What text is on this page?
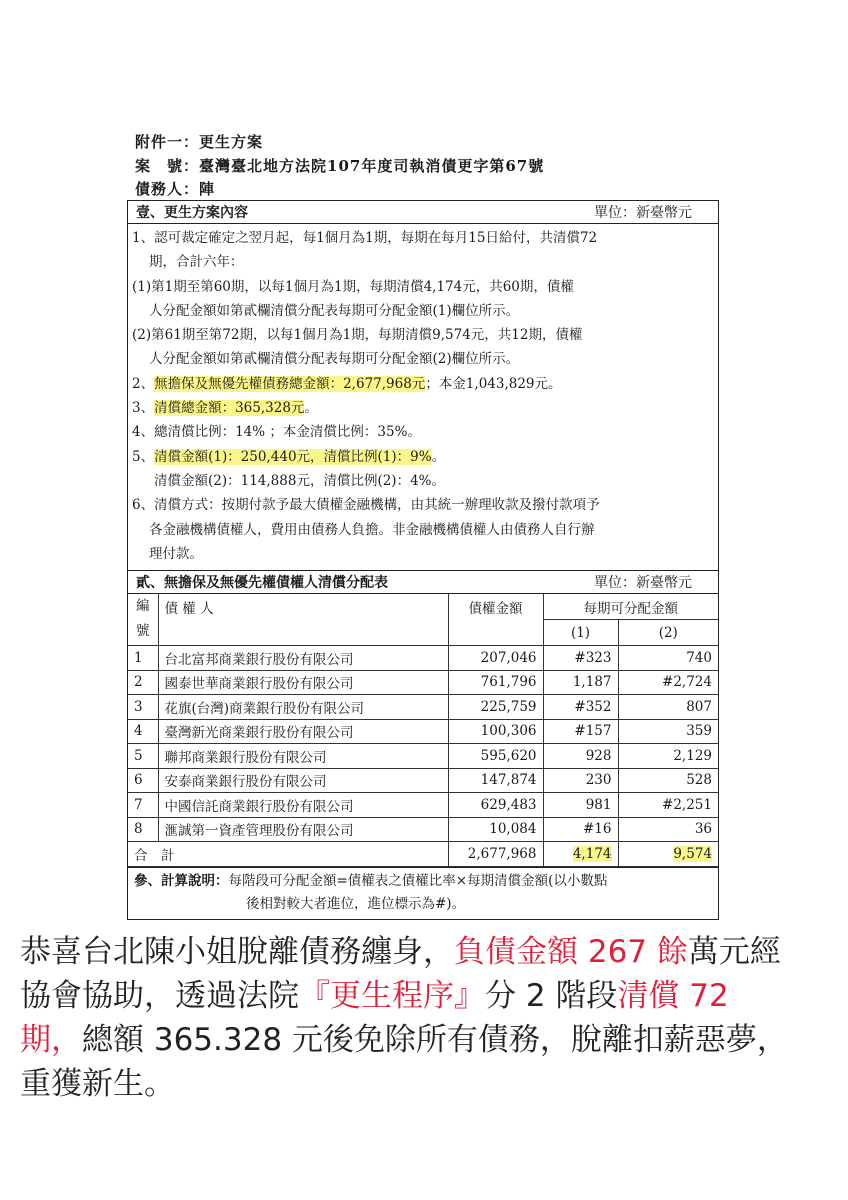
附件一：更生方案
案　號：臺灣臺北地方法院107年度司執消債更字第67號
債務人：陣
壹、更生方案內容	單位：新臺幣元
1、認可裁定確定之翌月起，每1個月為1期，每期在每月15日給付，共清償72
期，合計六年：
(1)第1期至第60期，以每1個月為1期，每期清償4,174元，共60期，債權
人分配金額如第貳欄清償分配表每期可分配金額(1)欄位所示。
(2)第61期至第72期，以每1個月為1期，每期清償9,574元，共12期，債權
人分配金額如第貳欄清償分配表每期可分配金額(2)欄位所示。
2、無擔保及無優先權債務總金額：2,677,968元；本金1,043,829元。
3、清償總金額：365,328元。
4、總清償比例：14% ；本金清償比例：35%。
5、清償金額(1)：250,440元，清償比例(1)：9%。
清償金額(2)：114,888元，清償比例(2)：4%。
6、清償方式：按期付款予最大債權金融機構，由其統一辦理收款及撥付款項予
各金融機構債權人，費用由債務人負擔。非金融機構債權人由債務人自行辦
理付款。
貳、無擔保及無優先權債權人清償分配表	單位：新臺幣元
編
號	債 權 人	債權金額	每期可分配金額	
			(1)	(2)
1	台北富邦商業銀行股份有限公司	207,046	#323	740
2	國泰世華商業銀行股份有限公司	761,796	1,187	#2,724
3	花旗(台灣)商業銀行股份有限公司	225,759	#352	807
4	臺灣新光商業銀行股份有限公司	100,306	#157	359
5	聯邦商業銀行股份有限公司	595,620	928	2,129
6	安泰商業銀行股份有限公司	147,874	230	528
7	中國信託商業銀行股份有限公司	629,483	981	#2,251
8	滙誠第一資產管理股份有限公司	10,084	#16	36
合　計		2,677,968	4,174	9,574
參、計算說明：每階段可分配金額=債權表之債權比率×每期清償金額(以小數點
後相對較大者進位，進位標示為#)。
恭喜台北陳小姐脫離債務纏身，負債金額 267 餘萬元經協會協助，透過法院『更生程序』分 2 階段清償 72 期，總額 365.328 元後免除所有債務，脫離扣薪惡夢，重獲新生。
